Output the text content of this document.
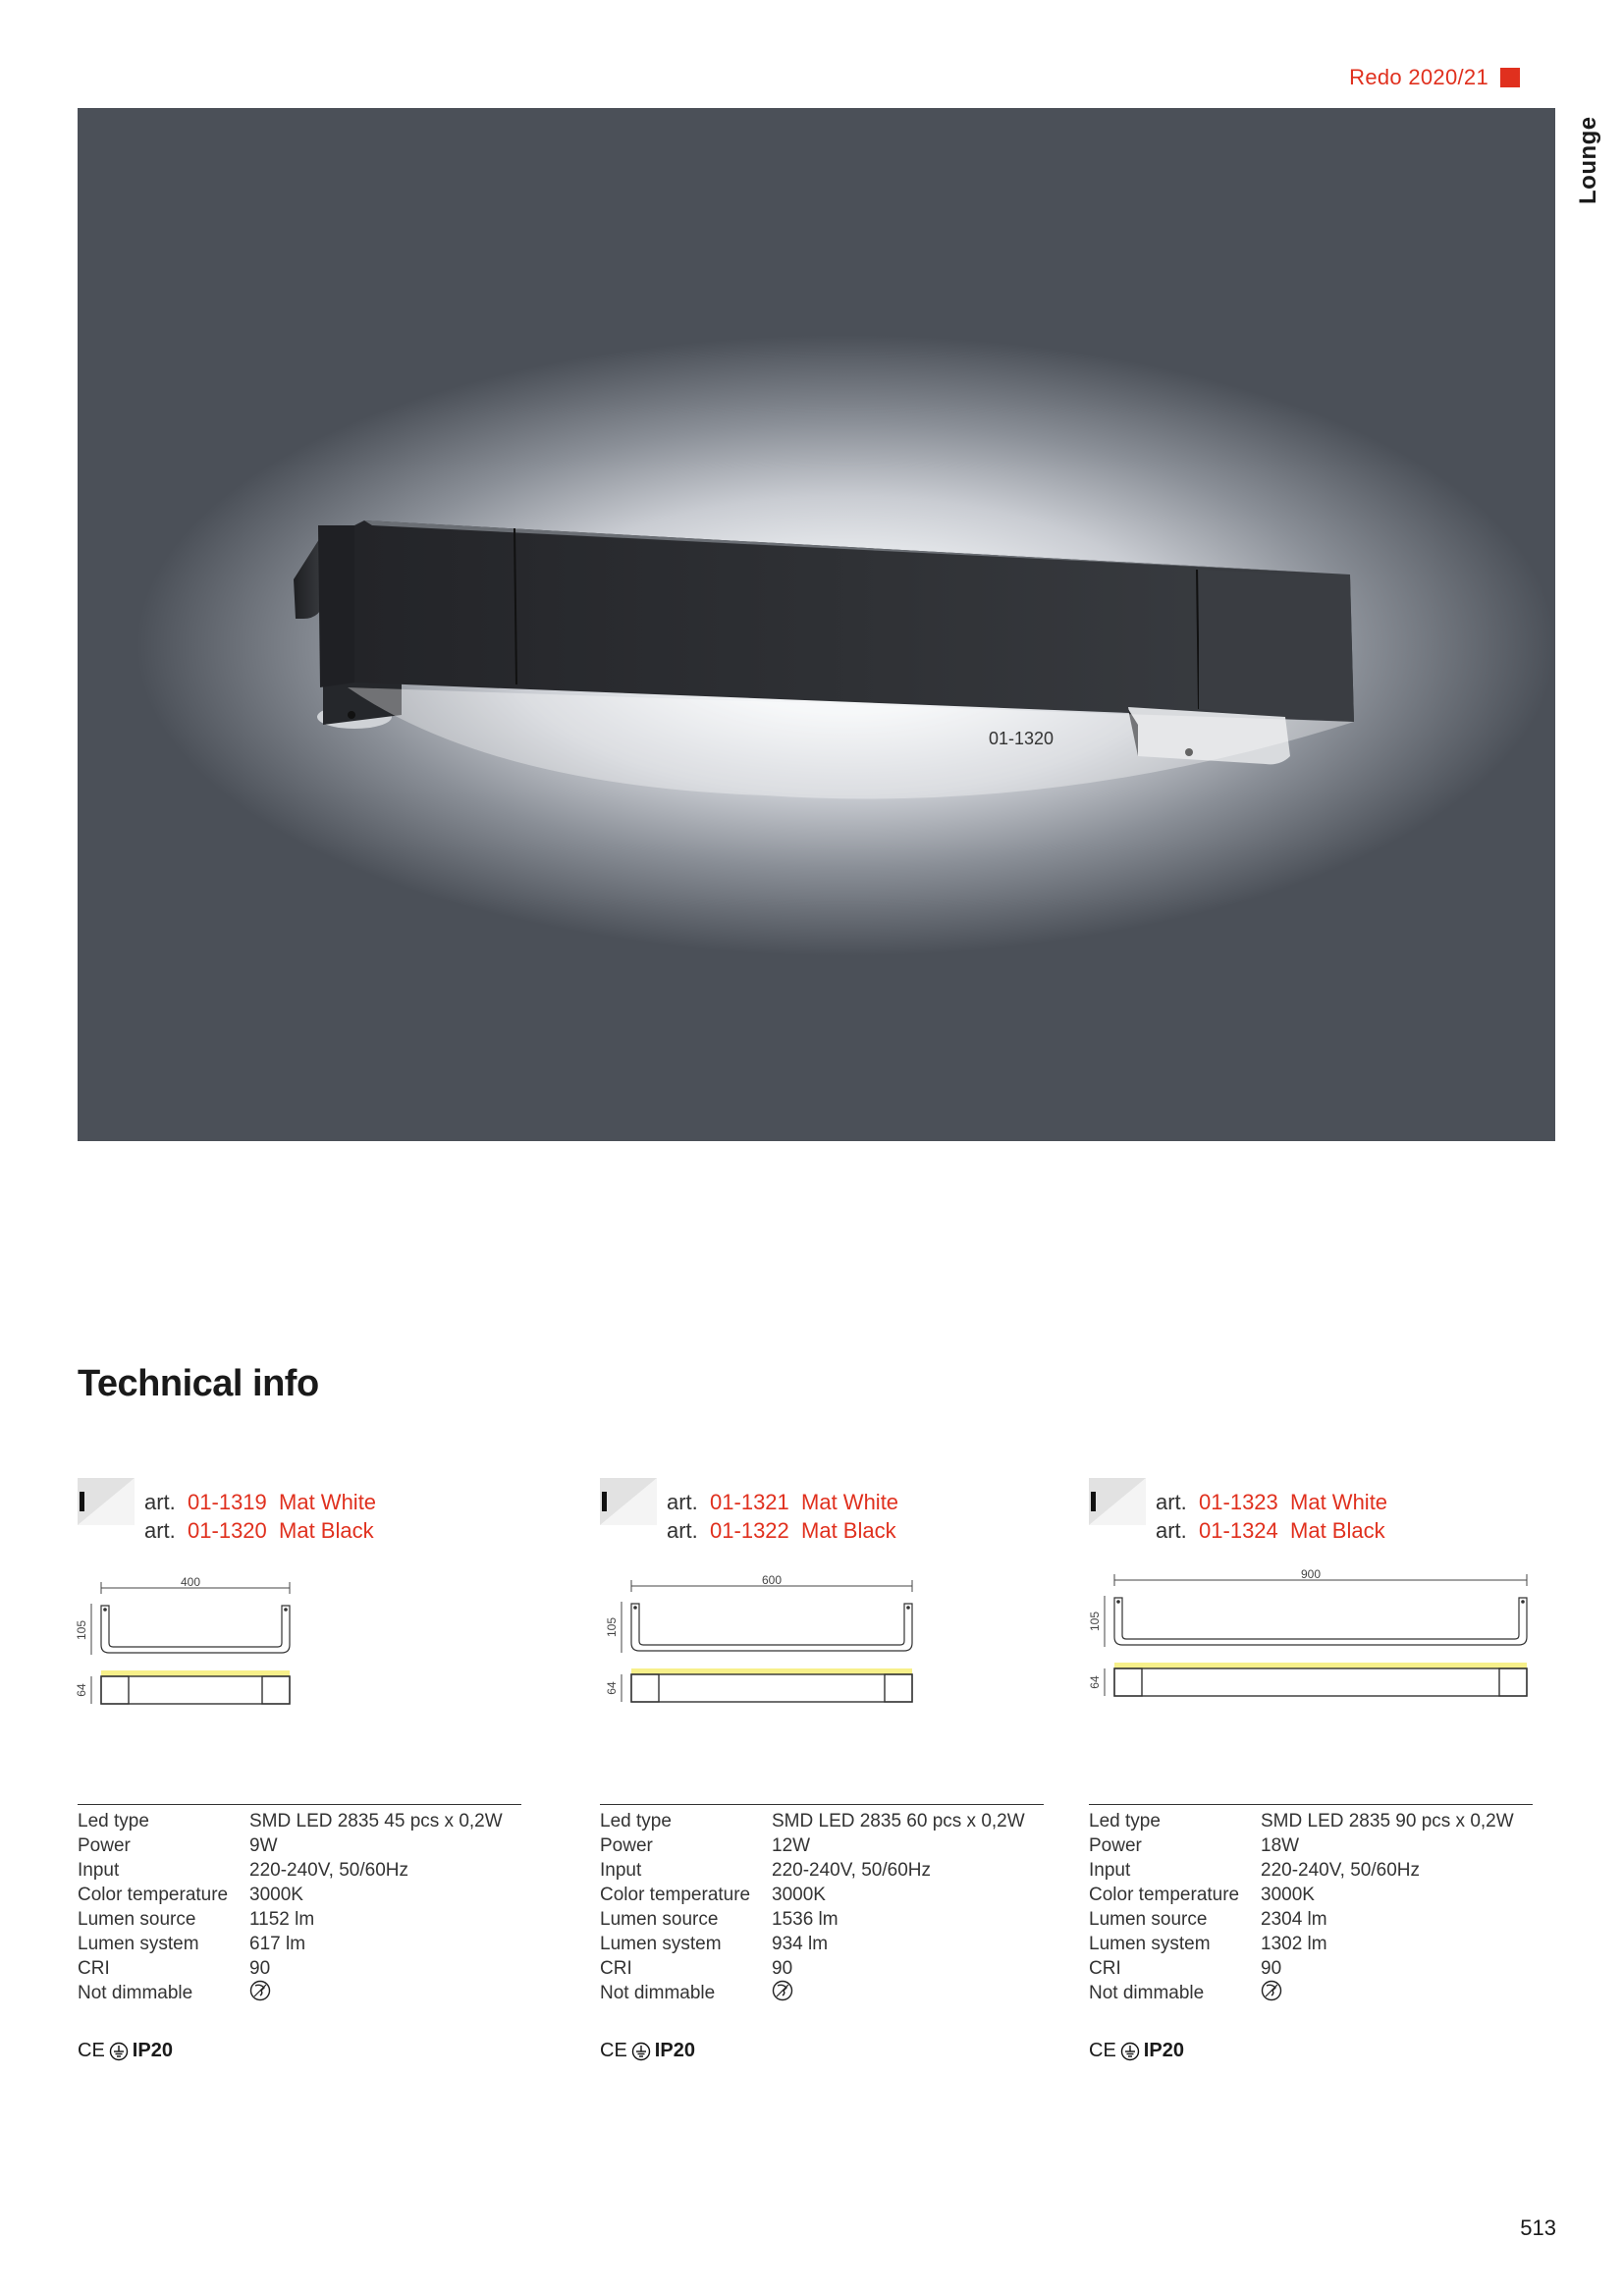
Redo 2020/21
Lounge
01-1320
Technical info
art. 01-1319 Mat White
art. 01-1320 Mat Black
400
105
64
Led type	SMD LED 2835 45 pcs x 0,2W
Power	9W
Input	220-240V, 50/60Hz
Color temperature	3000K
Lumen source	1152 lm
Lumen system	617 lm
CRI	90
Not dimmable
CE IP20
art. 01-1321 Mat White
art. 01-1322 Mat Black
600
105
64
Led type	SMD LED 2835 60 pcs x 0,2W
Power	12W
Input	220-240V, 50/60Hz
Color temperature	3000K
Lumen source	1536 lm
Lumen system	934 lm
CRI	90
Not dimmable
CE IP20
art. 01-1323 Mat White
art. 01-1324 Mat Black
900
105
64
Led type	SMD LED 2835 90 pcs x 0,2W
Power	18W
Input	220-240V, 50/60Hz
Color temperature	3000K
Lumen source	2304 lm
Lumen system	1302 lm
CRI	90
Not dimmable
CE IP20
513
